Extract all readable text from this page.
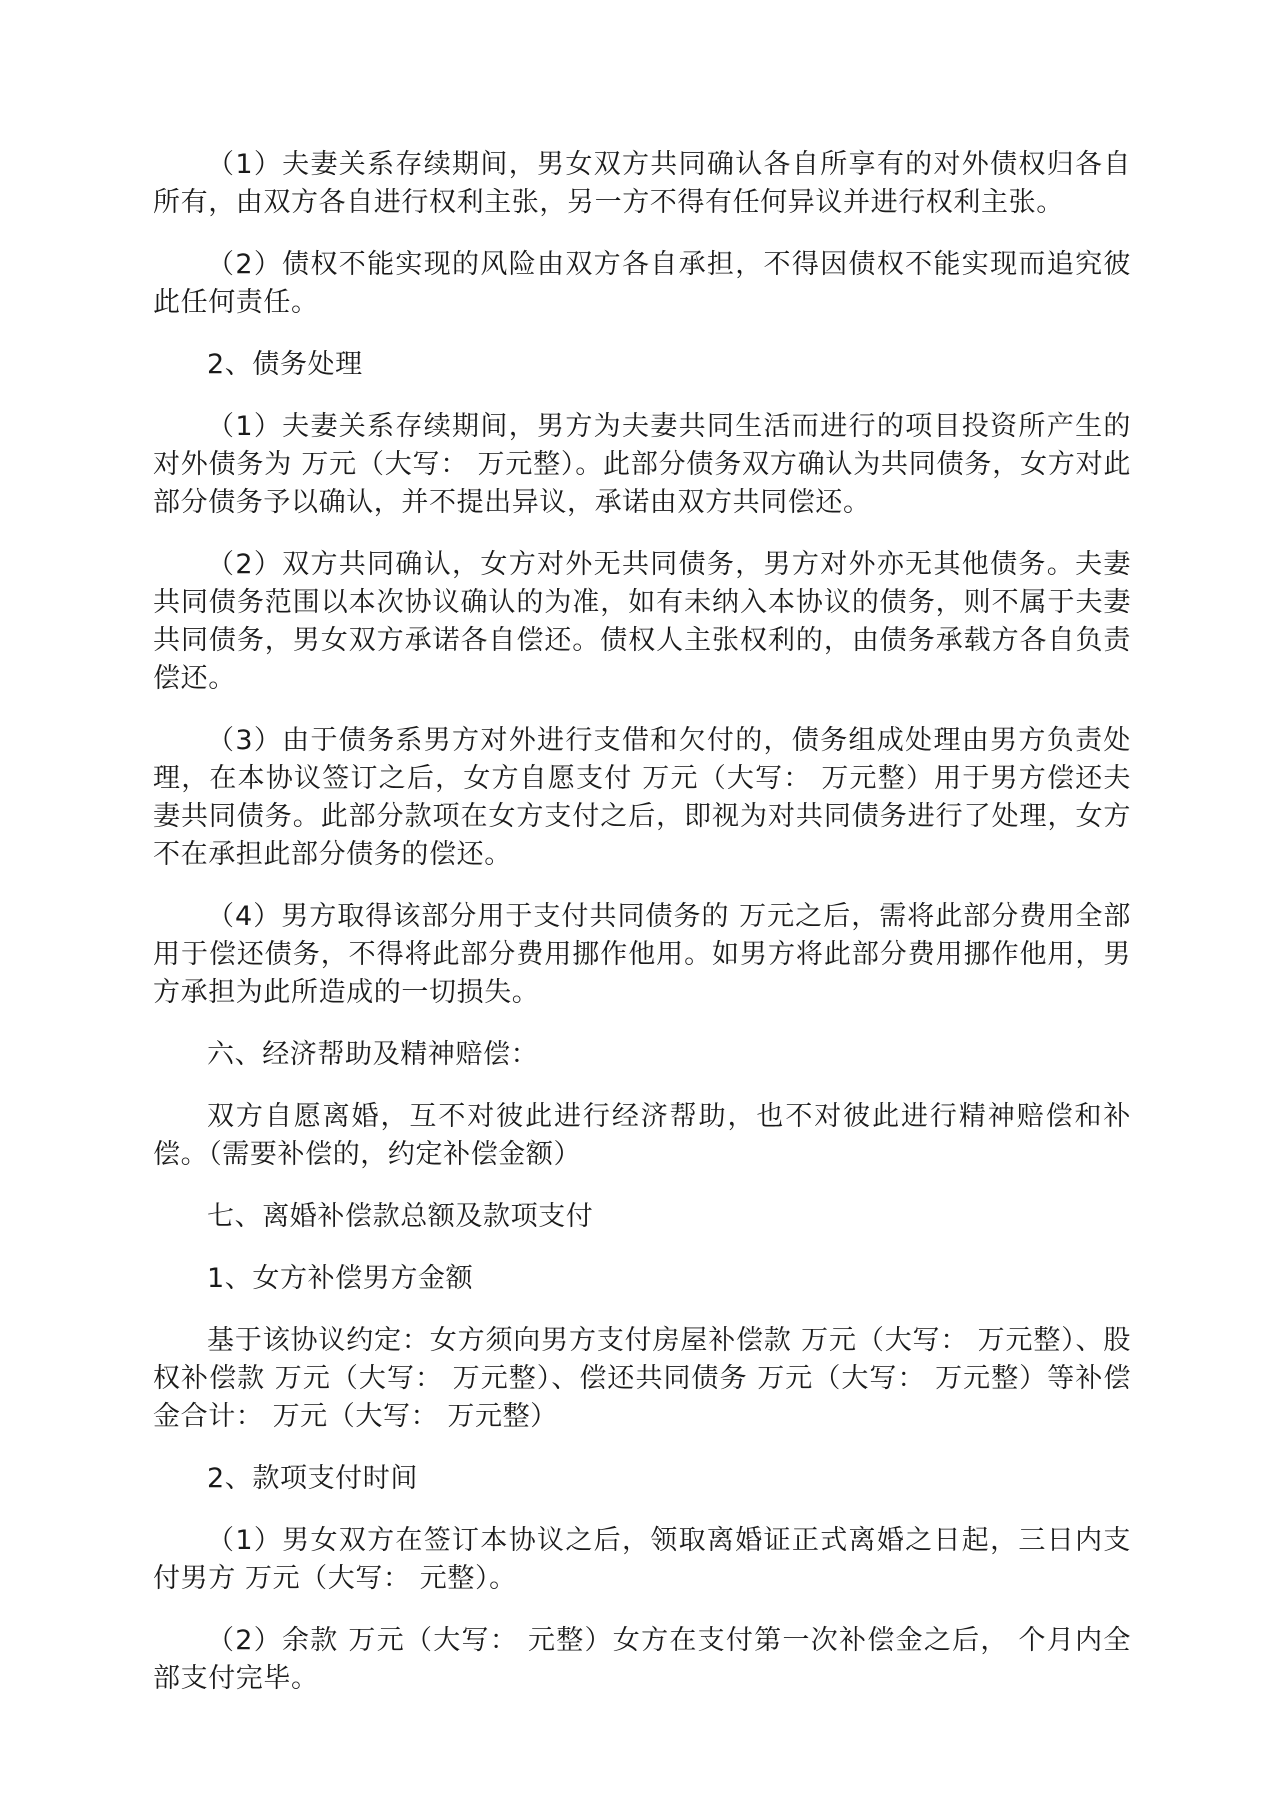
（1）夫妻关系存续期间，男女双方共同确认各自所享有的对外债权归各自所有，由双方各自进行权利主张，另一方不得有任何异议并进行权利主张。

（2）债权不能实现的风险由双方各自承担，不得因债权不能实现而追究彼此任何责任。

2、债务处理

（1）夫妻关系存续期间，男方为夫妻共同生活而进行的项目投资所产生的对外债务为 万元（大写： 万元整）。此部分债务双方确认为共同债务，女方对此部分债务予以确认，并不提出异议，承诺由双方共同偿还。

（2）双方共同确认，女方对外无共同债务，男方对外亦无其他债务。夫妻共同债务范围以本次协议确认的为准，如有未纳入本协议的债务，则不属于夫妻共同债务，男女双方承诺各自偿还。债权人主张权利的，由债务承载方各自负责偿还。

（3）由于债务系男方对外进行支借和欠付的，债务组成处理由男方负责处理，在本协议签订之后，女方自愿支付 万元（大写： 万元整）用于男方偿还夫妻共同债务。此部分款项在女方支付之后，即视为对共同债务进行了处理，女方不在承担此部分债务的偿还。

（4）男方取得该部分用于支付共同债务的 万元之后，需将此部分费用全部用于偿还债务，不得将此部分费用挪作他用。如男方将此部分费用挪作他用，男方承担为此所造成的一切损失。

六、经济帮助及精神赔偿：

双方自愿离婚，互不对彼此进行经济帮助，也不对彼此进行精神赔偿和补偿。（需要补偿的，约定补偿金额）

七、离婚补偿款总额及款项支付

1、女方补偿男方金额

基于该协议约定：女方须向男方支付房屋补偿款 万元（大写： 万元整）、股权补偿款 万元（大写： 万元整）、偿还共同债务 万元（大写： 万元整）等补偿金合计： 万元（大写： 万元整）

2、款项支付时间

（1）男女双方在签订本协议之后，领取离婚证正式离婚之日起，三日内支付男方 万元（大写： 元整）。

（2）余款 万元（大写： 元整）女方在支付第一次补偿金之后， 个月内全部支付完毕。
